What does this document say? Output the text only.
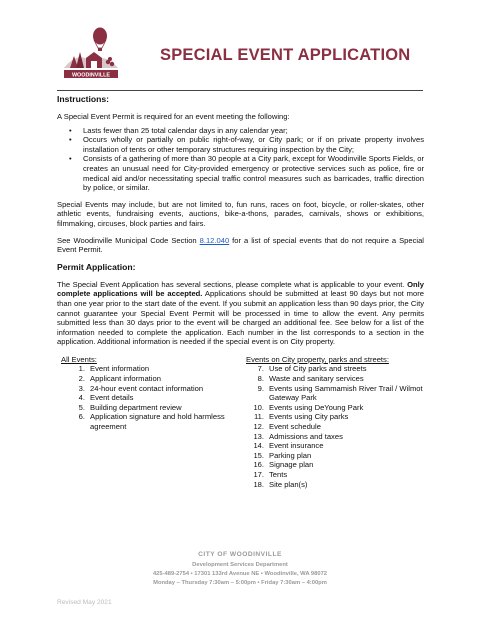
WOODINVILLE
SPECIAL EVENT APPLICATION
Instructions:

A Special Event Permit is required for an event meeting the following:

• Lasts fewer than 25 total calendar days in any calendar year;
• Occurs wholly or partially on public right-of-way, or City park; or if on private property involves installation of tents or other temporary structures requiring inspection by the City;
• Consists of a gathering of more than 30 people at a City park, except for Woodinville Sports Fields, or creates an unusual need for City-provided emergency or protective services such as police, fire or medical aid and/or necessitating special traffic control measures such as barricades, traffic direction by police, or similar.

Special Events may include, but are not limited to, fun runs, races on foot, bicycle, or roller-skates, other athletic events, fundraising events, auctions, bike-a-thons, parades, carnivals, shows or exhibitions, filmmaking, circuses, block parties and fairs.

See Woodinville Municipal Code Section 8.12.040 for a list of special events that do not require a Special Event Permit.

Permit Application:

The Special Event Application has several sections, please complete what is applicable to your event. Only complete applications will be accepted. Applications should be submitted at least 90 days but not more than one year prior to the start date of the event. If you submit an application less than 90 days prior, the City cannot guarantee your Special Event Permit will be processed in time to allow the event. Any permits submitted less than 30 days prior to the event will be charged an additional fee. See below for a list of the information needed to complete the application. Each number in the list corresponds to a section in the application. Additional information is needed if the special event is on City property.

All Events:
1. Event information
2. Applicant information
3. 24-hour event contact information
4. Event details
5. Building department review
6. Application signature and hold harmless agreement
Events on City property, parks and streets:
7. Use of City parks and streets
8. Waste and sanitary services
9. Events using Sammamish River Trail / Wilmot Gateway Park
10. Events using DeYoung Park
11. Events using City parks
12. Event schedule
13. Admissions and taxes
14. Event insurance
15. Parking plan
16. Signage plan
17. Tents
18. Site plan(s)
CITY OF WOODINVILLE
Development Services Department
425-489-2754 • 17301 133rd Avenue NE • Woodinville, WA 98072
Monday – Thursday 7:30am – 5:00pm • Friday 7:30am – 4:00pm
Revised May 2021
